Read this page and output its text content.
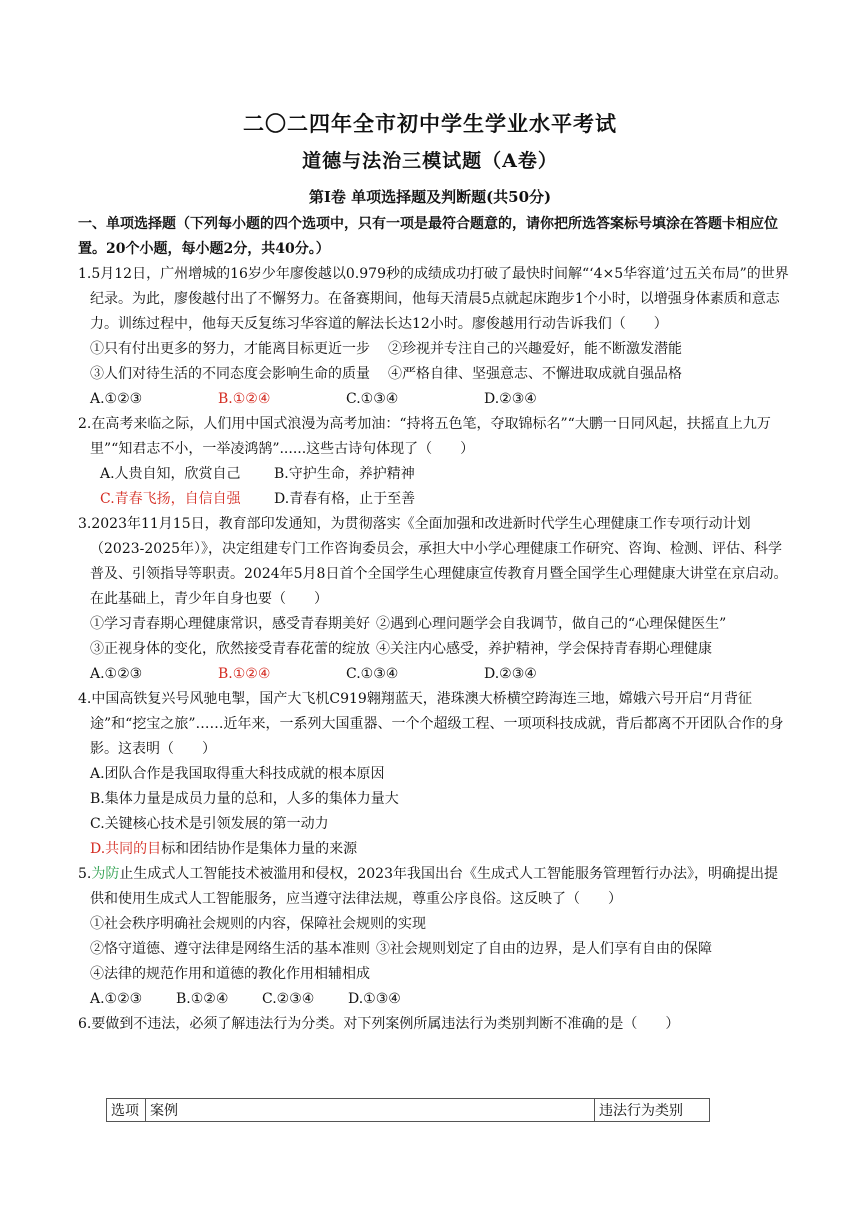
二〇二四年全市初中学生学业水平考试
道德与法治三模试题（A卷）
第Ⅰ卷 单项选择题及判断题(共50分)
一、单项选择题（下列每小题的四个选项中，只有一项是最符合题意的，请你把所选答案标号填涂在答题卡相应位置。20个小题，每小题2分，共40分。）
1.5月12日，广州增城的16岁少年廖俊越以0.979秒的成绩成功打破了最快时间解“‘4×5华容道’过五关布局”的世界纪录。为此，廖俊越付出了不懈努力。在备赛期间，他每天清晨5点就起床跑步1个小时，以增强身体素质和意志力。训练过程中，他每天反复练习华容道的解法长达12小时。廖俊越用行动告诉我们（　　）
①只有付出更多的努力，才能离目标更近一步 ②珍视并专注自己的兴趣爱好，能不断激发潜能
③人们对待生活的不同态度会影响生命的质量 ④严格自律、坚强意志、不懈进取成就自强品格
A.①②③	B.①②④	C.①③④	D.②③④
2.在高考来临之际，人们用中国式浪漫为高考加油：“持将五色笔，夺取锦标名”“大鹏一日同风起，扶摇直上九万里”“知君志不小，一举凌鸿鹄”......这些古诗句体现了（　　）
A.人贵自知，欣赏自己 B.守护生命，养护精神
C.青春飞扬，自信自强 D.青春有格，止于至善
3.2023年11月15日，教育部印发通知，为贯彻落实《全面加强和改进新时代学生心理健康工作专项行动计划（2023-2025年）》，决定组建专门工作咨询委员会，承担大中小学心理健康工作研究、咨询、检测、评估、科学普及、引领指导等职责。2024年5月8日首个全国学生心理健康宣传教育月暨全国学生心理健康大讲堂在京启动。在此基础上，青少年自身也要（　　）
①学习青春期心理健康常识，感受青春期美好 ②遇到心理问题学会自我调节，做自己的“心理保健医生”
③正视身体的变化，欣然接受青春花蕾的绽放 ④关注内心感受，养护精神，学会保持青春期心理健康
A.①②③	B.①②④	C.①③④	D.②③④
4.中国高铁复兴号风驰电掣，国产大飞机C919翱翔蓝天，港珠澳大桥横空跨海连三地，嫦娥六号开启“月背征途”和“挖宝之旅”……近年来，一系列大国重器、一个个超级工程、一项项科技成就，背后都离不开团队合作的身影。这表明（　　）
A.团队合作是我国取得重大科技成就的根本原因
B.集体力量是成员力量的总和，人多的集体力量大
C.关键核心技术是引领发展的第一动力
D.共同的目标和团结协作是集体力量的来源
5.为防止生成式人工智能技术被滥用和侵权，2023年我国出台《生成式人工智能服务管理暂行办法》，明确提出提供和使用生成式人工智能服务，应当遵守法律法规，尊重公序良俗。这反映了（　　）
①社会秩序明确社会规则的内容，保障社会规则的实现
②恪守道德、遵守法律是网络生活的基本准则 ③社会规则划定了自由的边界，是人们享有自由的保障
④法律的规范作用和道德的教化作用相辅相成
A.①②③ B.①②④ C.②③④ D.①③④
6.要做到不违法，必须了解违法行为分类。对下列案例所属违法行为类别判断不准确的是（　　）
选项	案例	违法行为类别
